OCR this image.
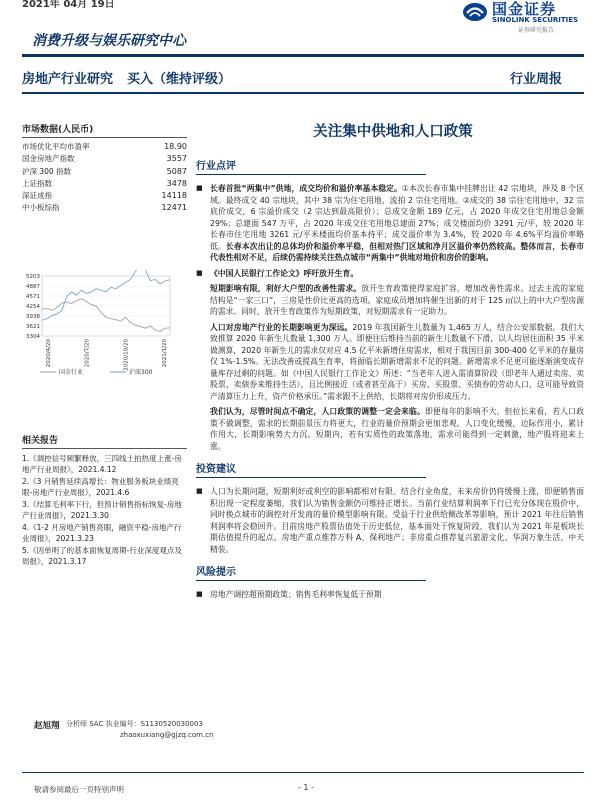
2021年 04月 19日	国金证券
SINOLINK SECURITIES
证券研究报告
消费升级与娱乐研究中心
房地产行业研究 买入（维持评级）	行业周报
市场数据(人民币)
市场优化平均市盈率	18.90
国金房地产指数	3557
沪深 300 指数	5087
上证指数	3478
深证成指	14118
中小板综指	12471
3304
3621
3938
4254
4571
4887
5203
2020/4/20	2020/7/20	2020/10/20	2021/1/20
国金行业	沪深300
相关报告
1.《调控信号频繁释放，三四线土拍热度上涨-房地产行业周报》，2021.4.12
2.《3 月销售延续高增长：物业服务板块业绩亮眼-房地产行业周报》，2021.4.6
3.《结算毛利率下行，但预计销售指标恢复-房地产行业周报》，2021.3.30
4.《1-2 月房地产销售亮眼，融资平稳-房地产行业周报》，2021.3.23
5.《因单明了的基本面恢复周期-行业深度观点及周报》，2021.3.17
赵旭翔 分析师 SAC 执业编号：S1130520030003
zhaoxuxiang@gjzq.com.cn
关注集中供地和人口政策
行业点评
■ 长春首批“两集中”供地，成交均价和溢价率基本稳定。①本次长春市集中挂牌出让 42 宗地块，涉及 8 个区域。最终成交 40 宗地块，其中 38 宗为住宅用地，流拍 2 宗住宅用地。②成交的 38 宗住宅用地中，32 宗底价成交，6 宗溢价成交（2 宗达到最高限价）；总成交金额 189 亿元，占 2020 年成交住宅用地总金额 29%；总建面 547 万平，占 2020 年成交住宅用地总建面 27%；成交楼面均价 3291 元/平，较 2020 年长春市住宅用地 3261 元/平米楼面均价基本持平；成交溢价率为 3.4%，较 2020 年 4.6%平均溢价率略低。长春本次出让的总体均价和溢价率平稳，但相对热门区域和净月区溢价率仍然较高。整体而言，长春市代表性相对不足，后续仍需持续关注热点城市“两集中”供地对地价和房价的影响。
■ 《中国人民银行工作论文》呼吁放开生育。
短期影响有限，利好大户型的改善性需求。放开生育政策使得家庭扩容，增加改善性需求。过去主流的家庭结构是“一家三口”，三房是性价比更高的选项。家庭成员增加将催生出新的对于 125 ㎡以上的中大户型房源的需求。同时，放开生育政策作为短期政策，对短期需求有一定助力。
人口对房地产行业的长期影响更为深远。2019 年我国新生儿数量为 1,465 万人，结合公安部数据，我们大致推算 2020 年新生儿数量 1,300 万人。即便往后维持当前的新生儿数量不下滑，以人均居住面积 35 平米做测算，2020 年新生儿的需求仅对应 4.5 亿平米新增住房需求，相对于我国目前 300-400 亿平米的存量房仅 1%-1.5%。无法改善或提高生育率，将面临长期新增需求不足的问题。新增需求不足更可能逐渐演变成存量库存过剩的问题。如《中国人民银行工作论文》所述：“当老年人进入需清算阶段（即老年人通过卖房、卖股票、卖债券来维持生活），且比例接近（或者甚至高于）买房、买股票、买债券的劳动人口，这可能导致资产清算压力上升，资产价格承压。”需求跟不上供给，长期将对房价形成压力。
我们认为，尽管时间点不确定，人口政策的调整一定会来临。即便每年的影响不大，但拉长来看，若人口政策不做调整，需求的长期前景压力将更大，行业的量价预期会更加悲观。人口变化缓慢，边际作用小，累计作用大，长期影响势大力沉。短期内，若有实质性的政策落地，需求可能得到一定刺激，地产股将迎来上涨。
投资建议
■ 人口为长期问题，短期利好或利空的影响都相对有限。结合行业角度，未来房价仍将缓慢上涨，即便销售面积出现一定程度萎缩，我们认为销售金额仍可维持正增长。当前行业结算利润率下行已充分体现在股价中，同时换点城市的调控对开发商的量价模型影响有限。受益于行业供给侧改革等影响，预计 2021 年往后销售利润率将会稳回升。目前房地产股票估值处于历史低位，基本面处于恢复阶段，我们认为 2021 年是板块长期估值提升的起点。房地产重点推荐万科 A、保利地产；非房重点推荐复兴旅游文化、华润万象生活、中天精装。
风险提示
■ 房地产调控超预期政策；销售毛利率恢复低于预期
敬请参阅最后一页特别声明	- 1 -
